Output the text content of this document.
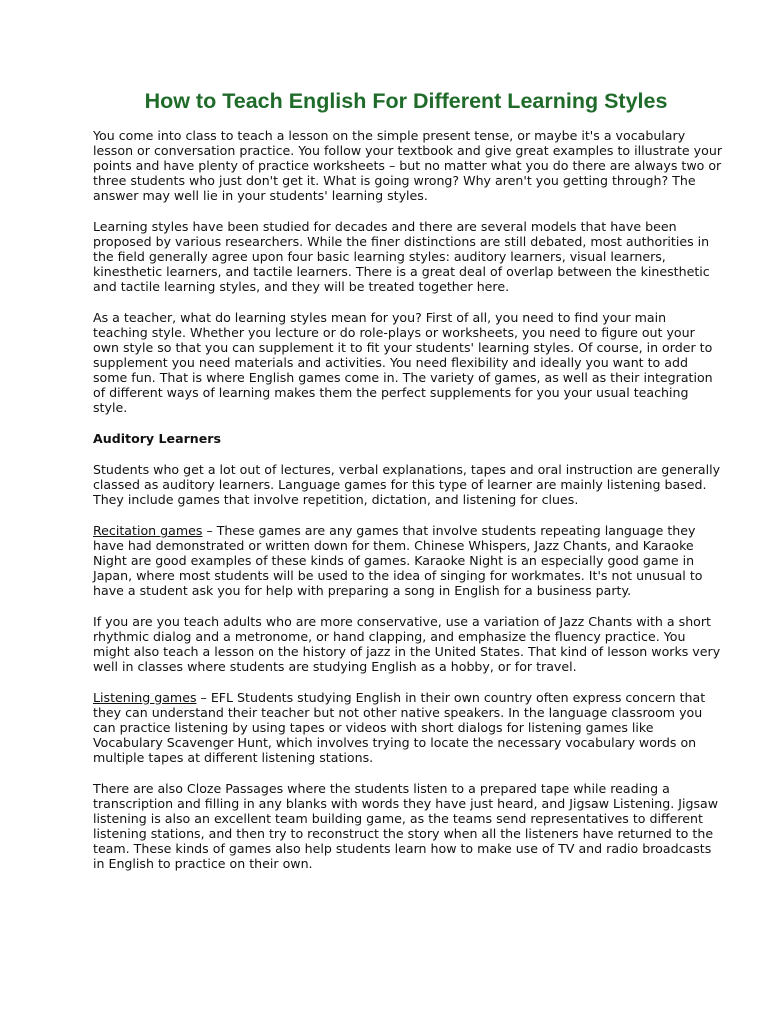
How to Teach English For Different Learning Styles

You come into class to teach a lesson on the simple present tense, or maybe it's a vocabulary lesson or conversation practice. You follow your textbook and give great examples to illustrate your points and have plenty of practice worksheets – but no matter what you do there are always two or three students who just don't get it. What is going wrong? Why aren't you getting through? The answer may well lie in your students' learning styles.

Learning styles have been studied for decades and there are several models that have been proposed by various researchers. While the finer distinctions are still debated, most authorities in the field generally agree upon four basic learning styles: auditory learners, visual learners, kinesthetic learners, and tactile learners. There is a great deal of overlap between the kinesthetic and tactile learning styles, and they will be treated together here.

As a teacher, what do learning styles mean for you? First of all, you need to find your main teaching style. Whether you lecture or do role-plays or worksheets, you need to figure out your own style so that you can supplement it to fit your students' learning styles. Of course, in order to supplement you need materials and activities. You need flexibility and ideally you want to add some fun. That is where English games come in. The variety of games, as well as their integration of different ways of learning makes them the perfect supplements for you your usual teaching style.

Auditory Learners

Students who get a lot out of lectures, verbal explanations, tapes and oral instruction are generally classed as auditory learners. Language games for this type of learner are mainly listening based. They include games that involve repetition, dictation, and listening for clues.

Recitation games – These games are any games that involve students repeating language they have had demonstrated or written down for them. Chinese Whispers, Jazz Chants, and Karaoke Night are good examples of these kinds of games. Karaoke Night is an especially good game in Japan, where most students will be used to the idea of singing for workmates. It's not unusual to have a student ask you for help with preparing a song in English for a business party.

If you are you teach adults who are more conservative, use a variation of Jazz Chants with a short rhythmic dialog and a metronome, or hand clapping, and emphasize the fluency practice. You might also teach a lesson on the history of jazz in the United States. That kind of lesson works very well in classes where students are studying English as a hobby, or for travel.

Listening games – EFL Students studying English in their own country often express concern that they can understand their teacher but not other native speakers. In the language classroom you can practice listening by using tapes or videos with short dialogs for listening games like Vocabulary Scavenger Hunt, which involves trying to locate the necessary vocabulary words on multiple tapes at different listening stations.

There are also Cloze Passages where the students listen to a prepared tape while reading a transcription and filling in any blanks with words they have just heard, and Jigsaw Listening. Jigsaw listening is also an excellent team building game, as the teams send representatives to different listening stations, and then try to reconstruct the story when all the listeners have returned to the team. These kinds of games also help students learn how to make use of TV and radio broadcasts in English to practice on their own.
